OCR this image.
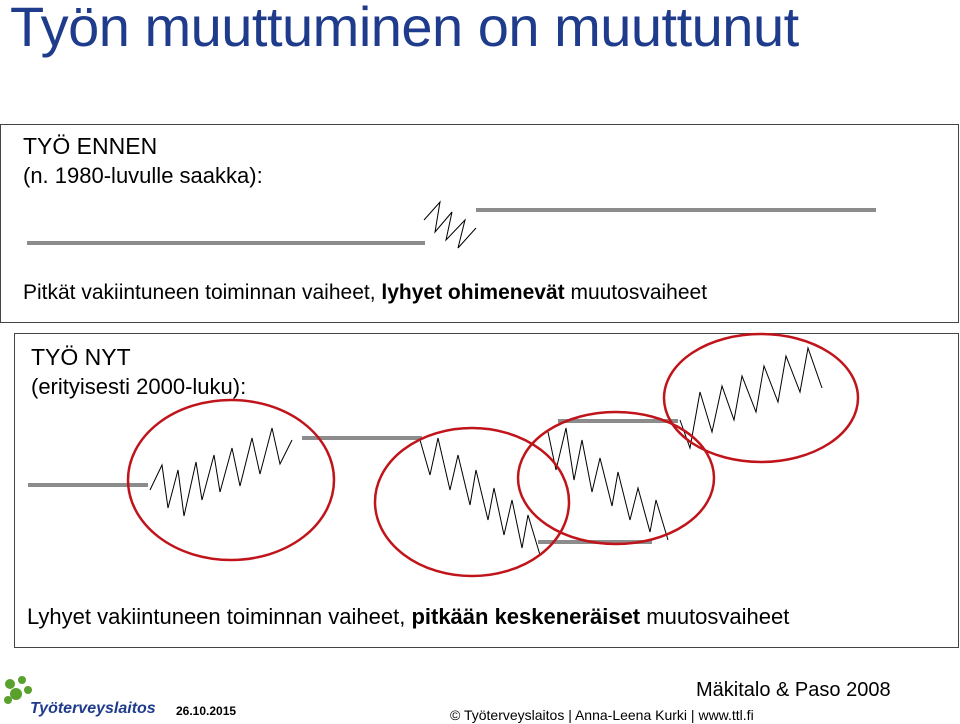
Työn muuttuminen on muuttunut
TYÖ ENNEN
(n. 1980-luvulle saakka):
Pitkät vakiintuneen toiminnan vaiheet, lyhyet ohimenevät muutosvaiheet
TYÖ NYT
(erityisesti 2000-luku):
Lyhyet vakiintuneen toiminnan vaiheet, pitkään keskeneräiset muutosvaiheet
Työterveyslaitos 26.10.2015
Mäkitalo & Paso 2008
© Työterveyslaitos | Anna-Leena Kurki | www.ttl.fi
